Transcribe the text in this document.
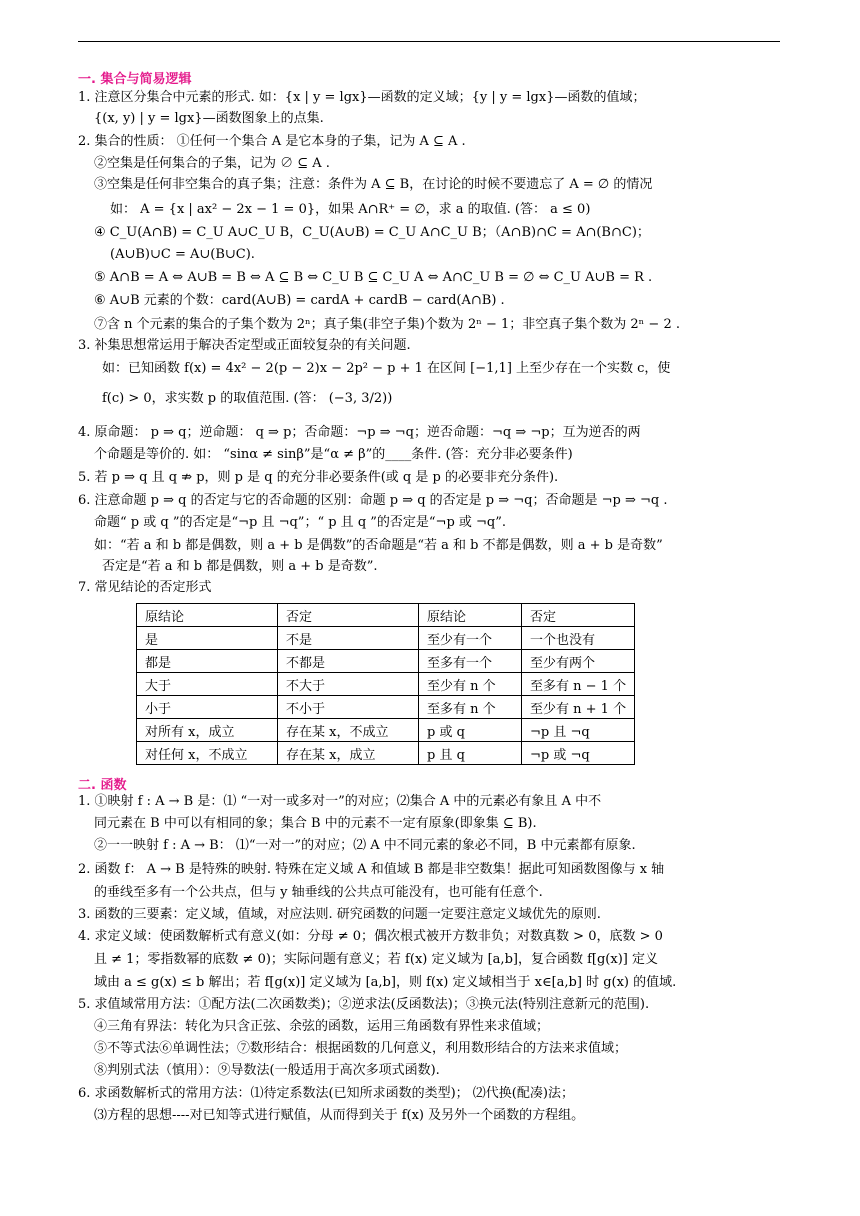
一. 集合与简易逻辑
1. 注意区分集合中元素的形式. 如：{x | y = lgx}—函数的定义域；{y | y = lgx}—函数的值域；
{(x, y) | y = lgx}—函数图象上的点集.
2. 集合的性质： ①任何一个集合 A 是它本身的子集，记为 A ⊆ A .
②空集是任何集合的子集，记为 ∅ ⊆ A .
③空集是任何非空集合的真子集；注意：条件为 A ⊆ B，在讨论的时候不要遗忘了 A = ∅ 的情况
如： A = {x | ax² − 2x − 1 = 0}，如果 A∩R⁺ = ∅，求 a 的取值. (答： a ≤ 0)
④ C_U(A∩B) = C_U A∪C_U B，C_U(A∪B) = C_U A∩C_U B；（A∩B)∩C = A∩(B∩C)；
(A∪B)∪C = A∪(B∪C).
⑤ A∩B = A ⇔ A∪B = B ⇔ A ⊆ B ⇔ C_U B ⊆ C_U A ⇔ A∩C_U B = ∅ ⇔ C_U A∪B = R .
⑥ A∪B 元素的个数：card(A∪B) = cardA + cardB − card(A∩B) .
⑦含 n 个元素的集合的子集个数为 2ⁿ；真子集(非空子集)个数为 2ⁿ − 1；非空真子集个数为 2ⁿ − 2 .
3. 补集思想常运用于解决否定型或正面较复杂的有关问题.
如：已知函数 f(x) = 4x² − 2(p − 2)x − 2p² − p + 1 在区间 [−1,1] 上至少存在一个实数 c，使
f(c) > 0，求实数 p 的取值范围. (答： (−3, 3/2))
4. 原命题： p ⇒ q；逆命题： q ⇒ p；否命题：¬p ⇒ ¬q；逆否命题：¬q ⇒ ¬p；互为逆否的两
个命题是等价的. 如： “sinα ≠ sinβ”是“α ≠ β”的____条件. (答：充分非必要条件)
5. 若 p ⇒ q 且 q ⇏ p，则 p 是 q 的充分非必要条件(或 q 是 p 的必要非充分条件).
6. 注意命题 p ⇒ q 的否定与它的否命题的区别：命题 p ⇒ q 的否定是 p ⇒ ¬q；否命题是 ¬p ⇒ ¬q .
命题“ p 或 q ”的否定是“¬p 且 ¬q”；“ p 且 q ”的否定是“¬p 或 ¬q”.
如：“若 a 和 b 都是偶数，则 a + b 是偶数”的否命题是“若 a 和 b 不都是偶数，则 a + b 是奇数”
否定是“若 a 和 b 都是偶数，则 a + b 是奇数”.
7. 常见结论的否定形式
原结论	否定	原结论	否定
是	不是	至少有一个	一个也没有
都是	不都是	至多有一个	至少有两个
大于	不大于	至少有 n 个	至多有 n − 1 个
小于	不小于	至多有 n 个	至少有 n + 1 个
对所有 x，成立	存在某 x，不成立	p 或 q	¬p 且 ¬q
对任何 x，不成立	存在某 x，成立	p 且 q	¬p 或 ¬q
二. 函数
1. ①映射 f : A → B 是：⑴ “一对一或多对一”的对应；⑵集合 A 中的元素必有象且 A 中不
同元素在 B 中可以有相同的象；集合 B 中的元素不一定有原象(即象集 ⊆ B).
②一一映射 f : A → B： ⑴“一对一”的对应；⑵ A 中不同元素的象必不同，B 中元素都有原象.
2. 函数 f： A → B 是特殊的映射. 特殊在定义域 A 和值域 B 都是非空数集！据此可知函数图像与 x 轴
的垂线至多有一个公共点，但与 y 轴垂线的公共点可能没有，也可能有任意个.
3. 函数的三要素：定义域，值域，对应法则. 研究函数的问题一定要注意定义域优先的原则.
4. 求定义域：使函数解析式有意义(如：分母 ≠ 0；偶次根式被开方数非负；对数真数 > 0，底数 > 0
且 ≠ 1；零指数幂的底数 ≠ 0)；实际问题有意义；若 f(x) 定义域为 [a,b]，复合函数 f[g(x)] 定义
域由 a ≤ g(x) ≤ b 解出；若 f[g(x)] 定义域为 [a,b]，则 f(x) 定义域相当于 x∈[a,b] 时 g(x) 的值域.
5. 求值域常用方法：①配方法(二次函数类)；②逆求法(反函数法)；③换元法(特别注意新元的范围).
④三角有界法：转化为只含正弦、余弦的函数，运用三角函数有界性来求值域；
⑤不等式法⑥单调性法；⑦数形结合：根据函数的几何意义，利用数形结合的方法来求值域；
⑧判别式法（慎用）：⑨导数法(一般适用于高次多项式函数).
6. 求函数解析式的常用方法：⑴待定系数法(已知所求函数的类型)； ⑵代换(配凑)法；
⑶方程的思想----对已知等式进行赋值，从而得到关于 f(x) 及另外一个函数的方程组。
